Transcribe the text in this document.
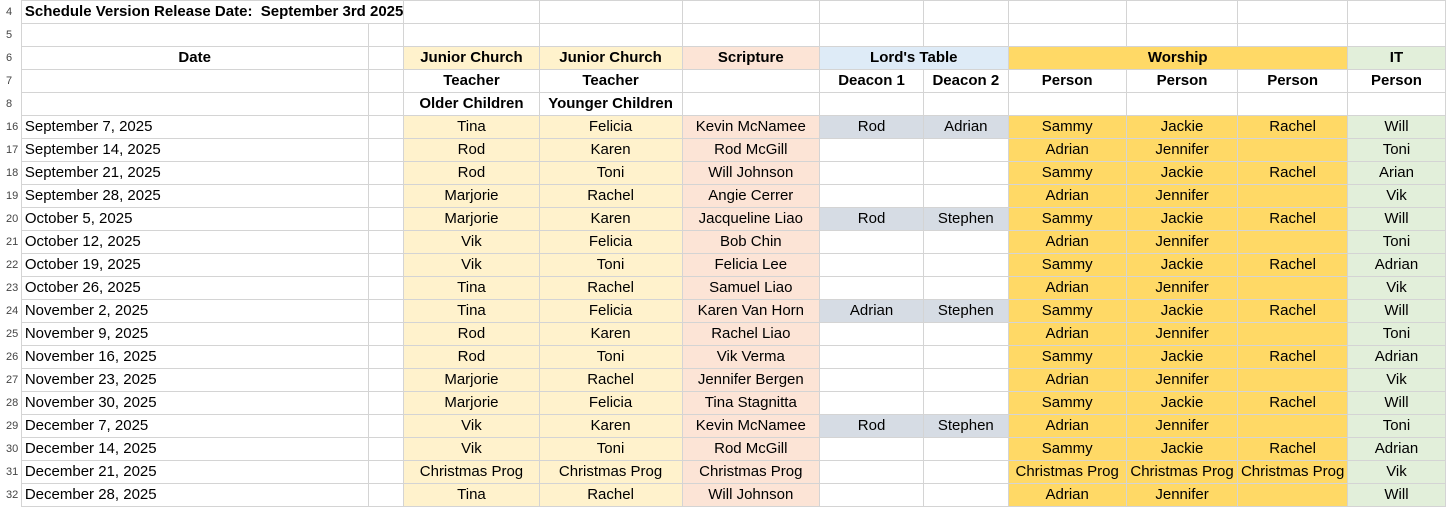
4	Schedule Version Release Date: September 3rd 2025										
5											
6	Date		Junior Church	Junior Church	Scripture	Lord's Table		Worship			IT
7			Teacher	Teacher		Deacon 1	Deacon 2	Person	Person	Person	Person
8			Older Children	Younger Children							
16	September 7, 2025		Tina	Felicia	Kevin McNamee	Rod	Adrian	Sammy	Jackie	Rachel	Will
17	September 14, 2025		Rod	Karen	Rod McGill			Adrian	Jennifer		Toni
18	September 21, 2025		Rod	Toni	Will Johnson			Sammy	Jackie	Rachel	Arian
19	September 28, 2025		Marjorie	Rachel	Angie Cerrer			Adrian	Jennifer		Vik
20	October 5, 2025		Marjorie	Karen	Jacqueline Liao	Rod	Stephen	Sammy	Jackie	Rachel	Will
21	October 12, 2025		Vik	Felicia	Bob Chin			Adrian	Jennifer		Toni
22	October 19, 2025		Vik	Toni	Felicia Lee			Sammy	Jackie	Rachel	Adrian
23	October 26, 2025		Tina	Rachel	Samuel Liao			Adrian	Jennifer		Vik
24	November 2, 2025		Tina	Felicia	Karen Van Horn	Adrian	Stephen	Sammy	Jackie	Rachel	Will
25	November 9, 2025		Rod	Karen	Rachel Liao			Adrian	Jennifer		Toni
26	November 16, 2025		Rod	Toni	Vik Verma			Sammy	Jackie	Rachel	Adrian
27	November 23, 2025		Marjorie	Rachel	Jennifer Bergen			Adrian	Jennifer		Vik
28	November 30, 2025		Marjorie	Felicia	Tina Stagnitta			Sammy	Jackie	Rachel	Will
29	December 7, 2025		Vik	Karen	Kevin McNamee	Rod	Stephen	Adrian	Jennifer		Toni
30	December 14, 2025		Vik	Toni	Rod McGill			Sammy	Jackie	Rachel	Adrian
31	December 21, 2025		Christmas Prog	Christmas Prog	Christmas Prog			Christmas Prog	Christmas Prog	Christmas Prog	Vik
32	December 28, 2025		Tina	Rachel	Will Johnson			Adrian	Jennifer		Will
